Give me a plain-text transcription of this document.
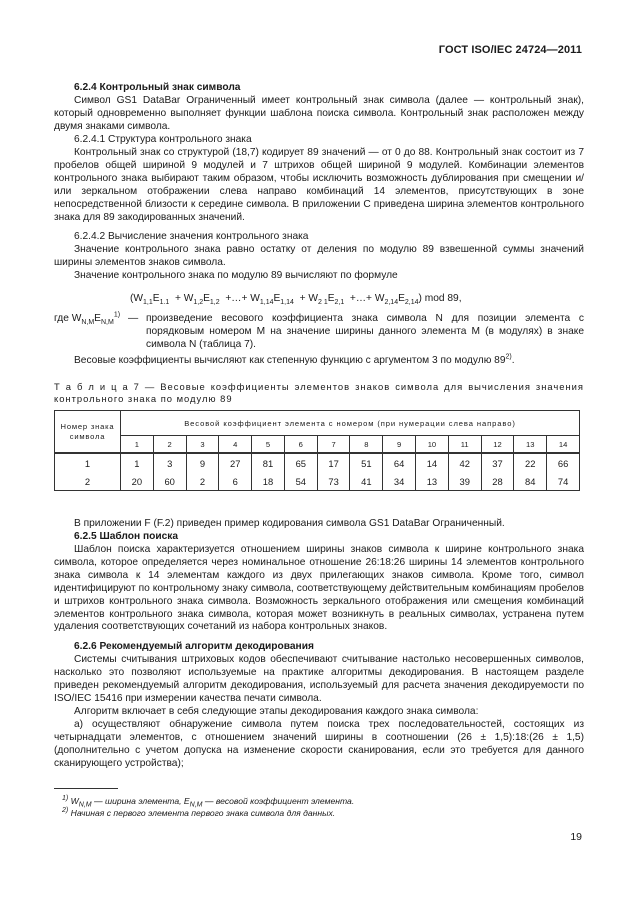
ГОСТ ISO/IEC 24724—2011

6.2.4 Контрольный знак символа

Символ GS1 DataBar Ограниченный имеет контрольный знак символа (далее — контрольный знак), который одновременно выполняет функции шаблона поиска символа. Контрольный знак расположен между двумя знаками символа.

6.2.4.1 Структура контрольного знака

Контрольный знак со структурой (18,7) кодирует 89 значений — от 0 до 88. Контрольный знак состоит из 7 пробелов общей шириной 9 модулей и 7 штрихов общей шириной 9 модулей. Комбинации элементов контрольного знака выбирают таким образом, чтобы исключить возможность дублирования при смещении и/или зеркальном отображении слева направо комбинаций 14 элементов, присутствующих в зоне непосредственной близости к середине символа. В приложении С приведена ширина элементов контрольного знака для 89 закодированных значений.

6.2.4.2 Вычисление значения контрольного знака

Значение контрольного знака равно остатку от деления по модулю 89 взвешенной суммы значений ширины элементов знаков символа.

Значение контрольного знака по модулю 89 вычисляют по формуле

($W_{1,1}E_{1.1} + W_{1,2}E_{1,2}$ +…+ $W_{1,14}E_{1,14} + W_{2 1}E_{2,1}$ +…+ $W_{2,14}E_{2,14}$) mod 89,
где $W_{N,M}E_{N,M}^{1)}$ — произведение весового коэффициента знака символа N для позиции элемента с порядковым номером М на значение ширины данного элемента М (в модулях) в знаке символа N (таблица 7).

Весовые коэффициенты вычисляют как степенную функцию с аргументом 3 по модулю 89$^{2)}$.

Т а б л и ц а 7 — Весовые коэффициенты элементов знаков символа для вычисления значения контрольного знака по модулю 89

Номер знака символа	Весовой коэффициент элемента с номером (при нумерации слева направо)													
	1	2	3	4	5	6	7	8	9	10	11	12	13	14
1	1	3	9	27	81	65	17	51	64	14	42	37	22	66
2	20	60	2	6	18	54	73	41	34	13	39	28	84	74

В приложении F (F.2) приведен пример кодирования символа GS1 DataBar Ограниченный.

6.2.5 Шаблон поиска

Шаблон поиска характеризуется отношением ширины знаков символа к ширине контрольного знака символа, которое определяется через номинальное отношение 26:18:26 ширины 14 элементов контрольного знака символа к 14 элементам каждого из двух прилегающих знаков символа. Кроме того, символ идентифицируют по контрольному знаку символа, соответствующему действительным комбинациям пробелов и штрихов контрольного знака символа. Возможность зеркального отображения или смещения комбинаций элементов контрольного знака символа, которая может возникнуть в реальных символах, устранена путем удаления соответствующих сочетаний из набора контрольных знаков.

6.2.6 Рекомендуемый алгоритм декодирования

Системы считывания штриховых кодов обеспечивают считывание настолько несовершенных символов, насколько это позволяют используемые на практике алгоритмы декодирования. В настоящем разделе приведен рекомендуемый алгоритм декодирования, используемый для расчета значения декодируемости по ISO/IEC 15416 при измерении качества печати символа.

Алгоритм включает в себя следующие этапы декодирования каждого знака символа:

а) осуществляют обнаружение символа путем поиска трех последовательностей, состоящих из четырнадцати элементов, с отношением значений ширины в соотношении (26 ± 1,5):18:(26 ± 1,5) (дополнительно с учетом допуска на изменение скорости сканирования, если это требуется для данного сканирующего устройства);

$^{1)}$ $W_{N,M}$ — ширина элемента, $E_{N,M}$ — весовой коэффициент элемента.
$^{2)}$ Начиная с первого элемента первого знака символа для данных.
19
